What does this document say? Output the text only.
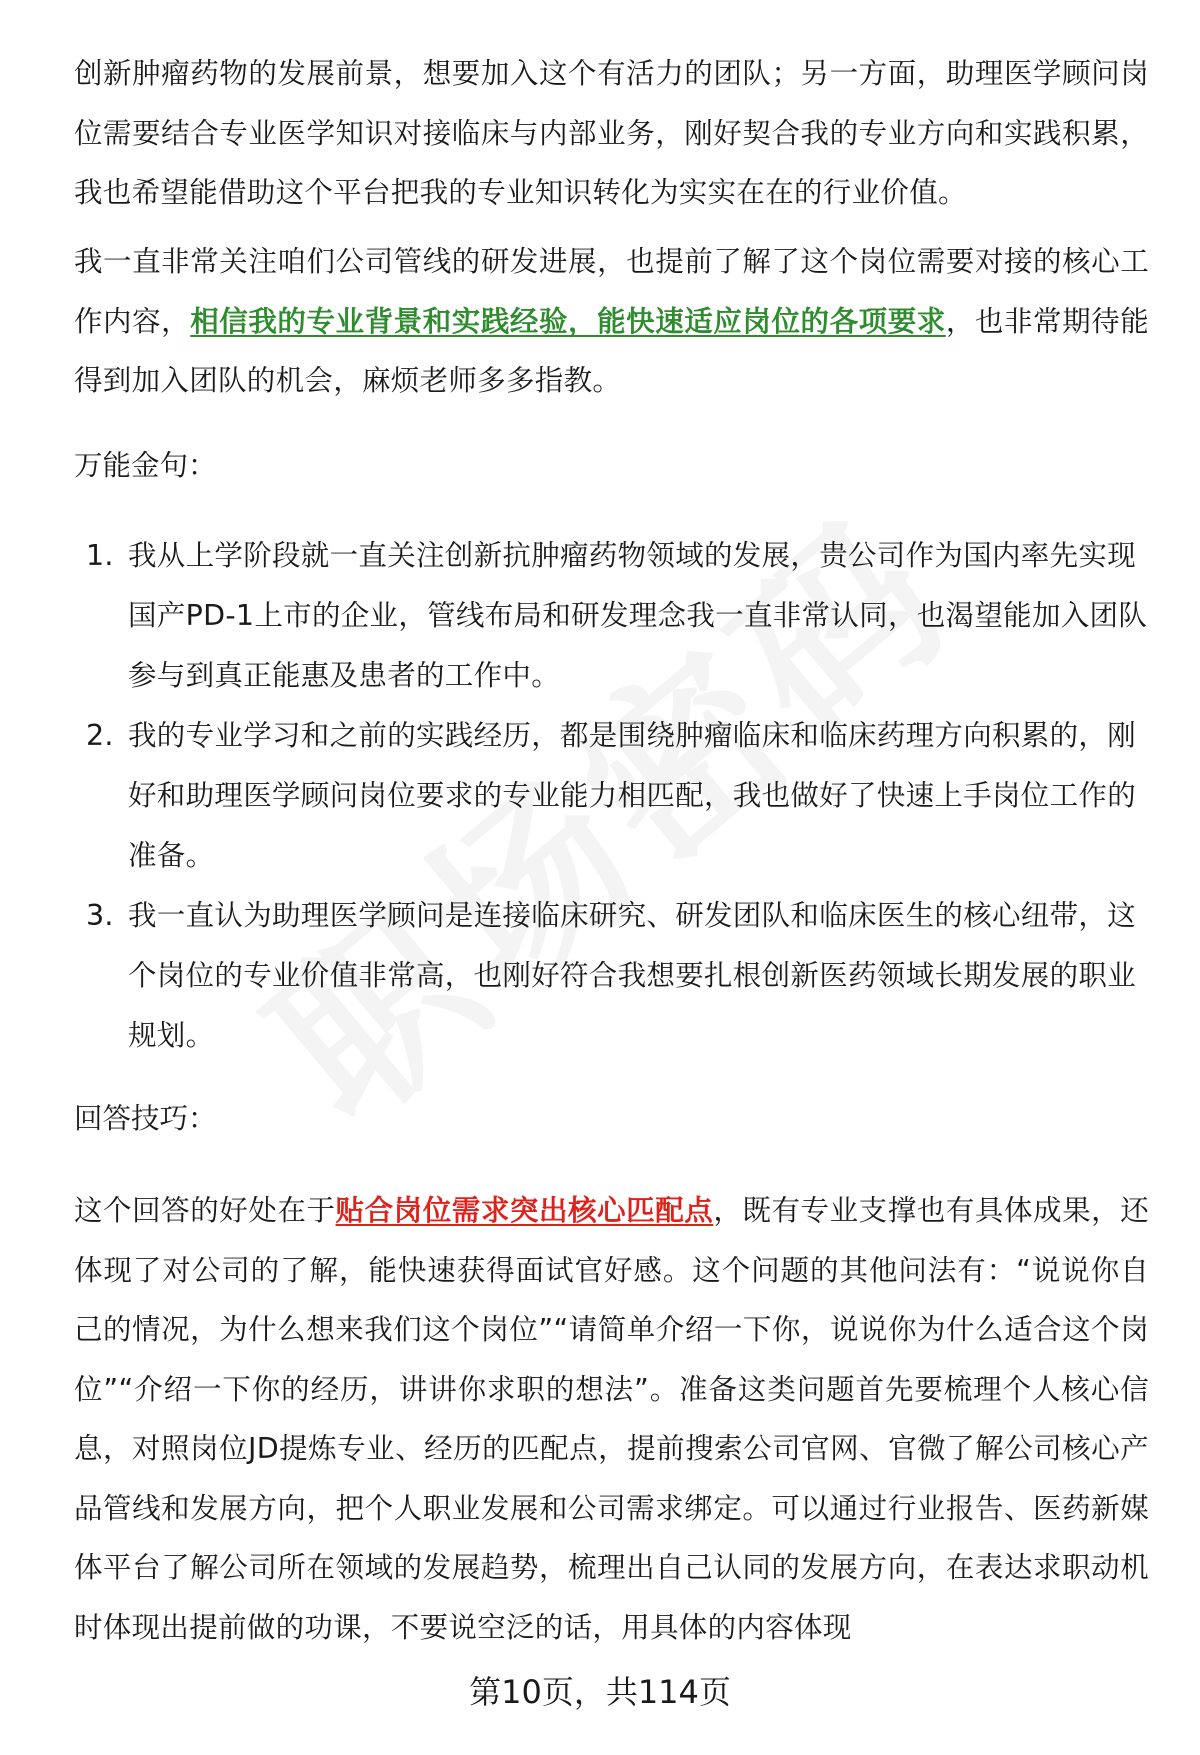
创新肿瘤药物的发展前景，想要加入这个有活力的团队；另一方面，助理医学顾问岗位需要结合专业医学知识对接临床与内部业务，刚好契合我的专业方向和实践积累，我也希望能借助这个平台把我的专业知识转化为实实在在的行业价值。

我一直非常关注咱们公司管线的研发进展，也提前了解了这个岗位需要对接的核心工作内容，相信我的专业背景和实践经验，能快速适应岗位的各项要求，也非常期待能得到加入团队的机会，麻烦老师多多指教。

万能金句：
1. 我从上学阶段就一直关注创新抗肿瘤药物领域的发展，贵公司作为国内率先实现国产PD-1上市的企业，管线布局和研发理念我一直非常认同，也渴望能加入团队参与到真正能惠及患者的工作中。
2. 我的专业学习和之前的实践经历，都是围绕肿瘤临床和临床药理方向积累的，刚好和助理医学顾问岗位要求的专业能力相匹配，我也做好了快速上手岗位工作的准备。
3. 我一直认为助理医学顾问是连接临床研究、研发团队和临床医生的核心纽带，这个岗位的专业价值非常高，也刚好符合我想要扎根创新医药领域长期发展的职业规划。
回答技巧：

这个回答的好处在于贴合岗位需求突出核心匹配点，既有专业支撑也有具体成果，还体现了对公司的了解，能快速获得面试官好感。这个问题的其他问法有：“说说你自己的情况，为什么想来我们这个岗位”“请简单介绍一下你，说说你为什么适合这个岗位”“介绍一下你的经历，讲讲你求职的想法”。准备这类问题首先要梳理个人核心信息，对照岗位JD提炼专业、经历的匹配点，提前搜索公司官网、官微了解公司核心产品管线和发展方向，把个人职业发展和公司需求绑定。可以通过行业报告、医药新媒体平台了解公司所在领域的发展趋势，梳理出自己认同的发展方向，在表达求职动机时体现出提前做的功课，不要说空泛的话，用具体的内容体现

第10页，共114页
